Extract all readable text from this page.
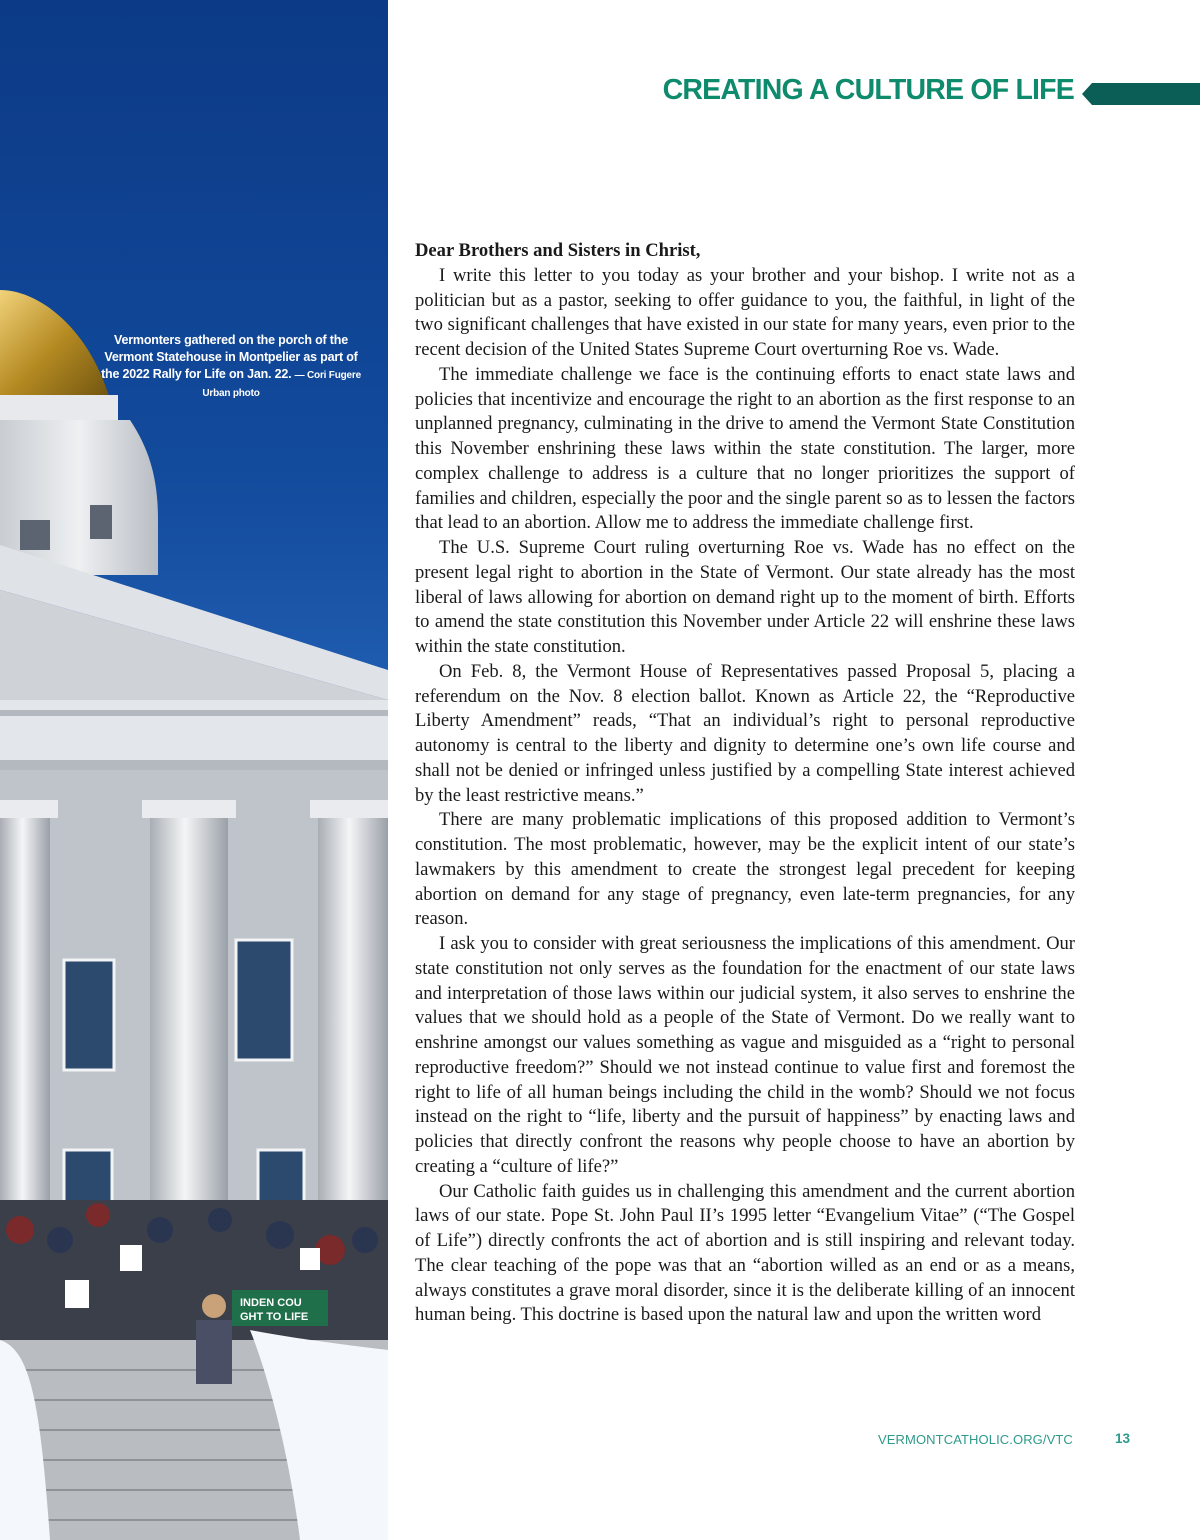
INDEN COU
GHT TO LIFE
Vermonters gathered on the porch of the Vermont Statehouse in Montpelier as part of the 2022 Rally for Life on Jan. 22. — Cori Fugere Urban photo
CREATING A CULTURE OF LIFE
Dear Brothers and Sisters in Christ,

I write this letter to you today as your brother and your bishop. I write not as a politician but as a pastor, seeking to offer guidance to you, the faithful, in light of the two significant challenges that have existed in our state for many years, even prior to the recent decision of the United States Supreme Court overturning Roe vs. Wade.

The immediate challenge we face is the continuing efforts to enact state laws and policies that incentivize and encourage the right to an abortion as the first response to an unplanned pregnancy, culminating in the drive to amend the Vermont State Constitution this November enshrining these laws within the state constitution. The larger, more complex challenge to address is a culture that no longer prioritizes the support of families and children, especially the poor and the single parent so as to lessen the factors that lead to an abortion. Allow me to address the immediate challenge first.

The U.S. Supreme Court ruling overturning Roe vs. Wade has no effect on the present legal right to abortion in the State of Vermont. Our state already has the most liberal of laws allowing for abortion on demand right up to the moment of birth. Efforts to amend the state constitution this November under Article 22 will enshrine these laws within the state constitution.

On Feb. 8, the Vermont House of Representatives passed Proposal 5, placing a referendum on the Nov. 8 election ballot. Known as Article 22, the “Reproductive Liberty Amendment” reads, “That an individual’s right to personal reproductive autonomy is central to the liberty and dignity to determine one’s own life course and shall not be denied or infringed unless justified by a compelling State interest achieved by the least restrictive means.”

There are many problematic implications of this proposed addition to Vermont’s constitution. The most problematic, however, may be the explicit intent of our state’s lawmakers by this amendment to create the strongest legal precedent for keeping abortion on demand for any stage of pregnancy, even late-term pregnancies, for any reason.

I ask you to consider with great seriousness the implications of this amendment. Our state constitution not only serves as the foundation for the enactment of our state laws and interpretation of those laws within our judicial system, it also serves to enshrine the values that we should hold as a people of the State of Vermont. Do we really want to enshrine amongst our values something as vague and misguided as a “right to personal reproductive freedom?” Should we not instead continue to value first and foremost the right to life of all human beings including the child in the womb? Should we not focus instead on the right to “life, liberty and the pursuit of happiness” by enacting laws and policies that directly confront the reasons why people choose to have an abortion by creating a “culture of life?”

Our Catholic faith guides us in challenging this amendment and the current abortion laws of our state. Pope St. John Paul II’s 1995 letter “Evangelium Vitae” (“The Gospel of Life”) directly confronts the act of abortion and is still inspiring and relevant today. The clear teaching of the pope was that an “abortion willed as an end or as a means, always constitutes a grave moral disorder, since it is the deliberate killing of an innocent human being. This doctrine is based upon the natural law and upon the written word

VERMONTCATHOLIC.ORG/VTC	13
